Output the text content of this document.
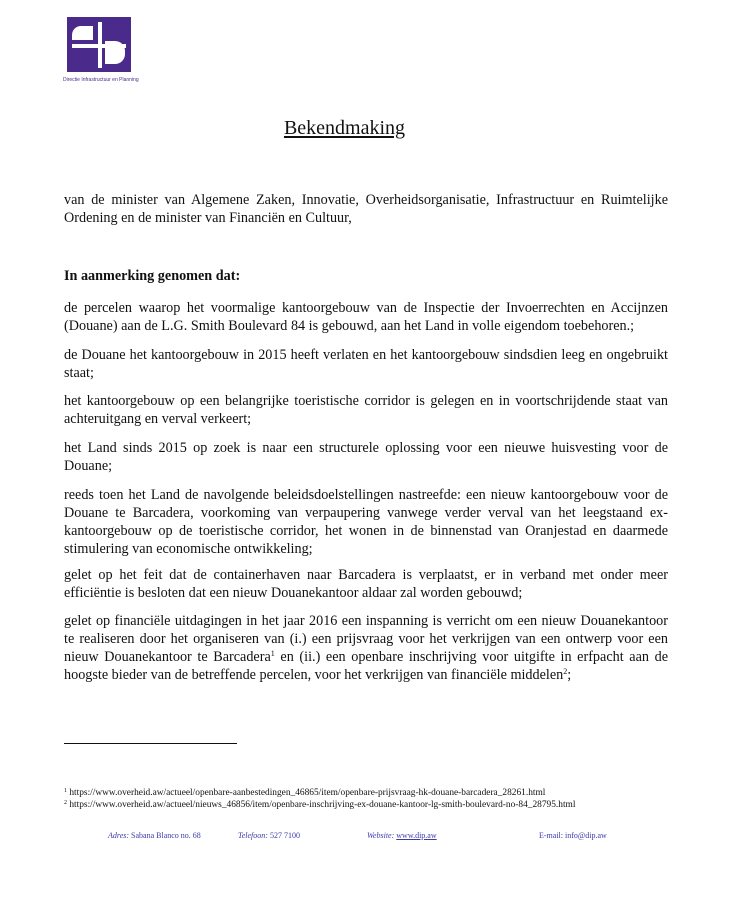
Directie Infrastructuur en Planning
Bekendmaking

van de minister van Algemene Zaken, Innovatie, Overheidsorganisatie, Infrastructuur en Ruimtelijke Ordening en de minister van Financiën en Cultuur,

In aanmerking genomen dat:

de percelen waarop het voormalige kantoorgebouw van de Inspectie der Invoerrechten en Accijnzen (Douane) aan de L.G. Smith Boulevard 84 is gebouwd, aan het Land in volle eigendom toebehoren.;

de Douane het kantoorgebouw in 2015 heeft verlaten en het kantoorgebouw sindsdien leeg en ongebruikt staat;

het kantoorgebouw op een belangrijke toeristische corridor is gelegen en in voortschrijdende staat van achteruitgang en verval verkeert;

het Land sinds 2015 op zoek is naar een structurele oplossing voor een nieuwe huisvesting voor de Douane;

reeds toen het Land de navolgende beleidsdoelstellingen nastreefde: een nieuw kantoorgebouw voor de Douane te Barcadera, voorkoming van verpaupering vanwege verder verval van het leegstaand ex-kantoorgebouw op de toeristische corridor, het wonen in de binnenstad van Oranjestad en daarmede stimulering van economische ontwikkeling;

gelet op het feit dat de containerhaven naar Barcadera is verplaatst, er in verband met onder meer efficiëntie is besloten dat een nieuw Douanekantoor aldaar zal worden gebouwd;

gelet op financiële uitdagingen in het jaar 2016 een inspanning is verricht om een nieuw Douanekantoor te realiseren door het organiseren van (i.) een prijsvraag voor het verkrijgen van een ontwerp voor een nieuw Douanekantoor te Barcadera$^1$ en (ii.) een openbare inschrijving voor uitgifte in erfpacht aan de hoogste bieder van de betreffende percelen, voor het verkrijgen van financiële middelen$^2$;

$^1$ https://www.overheid.aw/actueel/openbare-aanbestedingen_46865/item/openbare-prijsvraag-hk-douane-barcadera_28261.html
$^2$ https://www.overheid.aw/actueel/nieuws_46856/item/openbare-inschrijving-ex-douane-kantoor-lg-smith-boulevard-no-84_28795.html
Adres: Sabana Blanco no. 68	Telefoon: 527 7100	Website: www.dip.aw	E-mail: info@dip.aw
